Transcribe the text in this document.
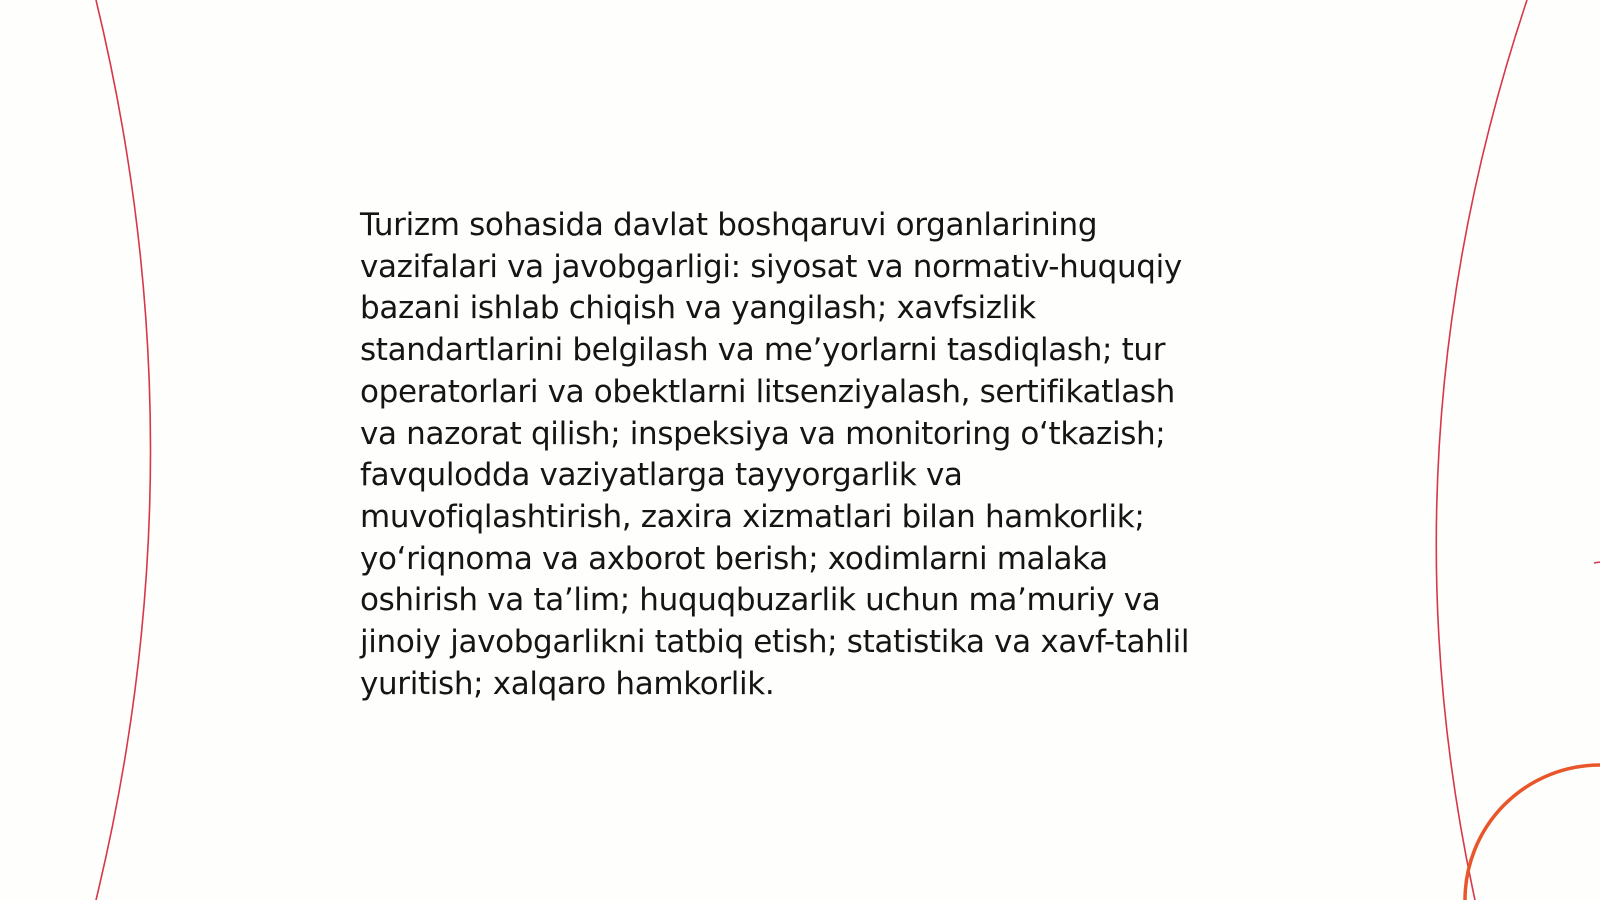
Turizm sohasida davlat boshqaruvi organlarining
vazifalari va javobgarligi: siyosat va normativ-huquqiy
bazani ishlab chiqish va yangilash; xavfsizlik
standartlarini belgilash va me’yorlarni tasdiqlash; tur
operatorlari va obektlarni litsenziyalash, sertifikatlash
va nazorat qilish; inspeksiya va monitoring o‘tkazish;
favqulodda vaziyatlarga tayyorgarlik va
muvofiqlashtirish, zaxira xizmatlari bilan hamkorlik;
yo‘riqnoma va axborot berish; xodimlarni malaka
oshirish va ta’lim; huquqbuzarlik uchun ma’muriy va
jinoiy javobgarlikni tatbiq etish; statistika va xavf-tahlil
yuritish; xalqaro hamkorlik.
